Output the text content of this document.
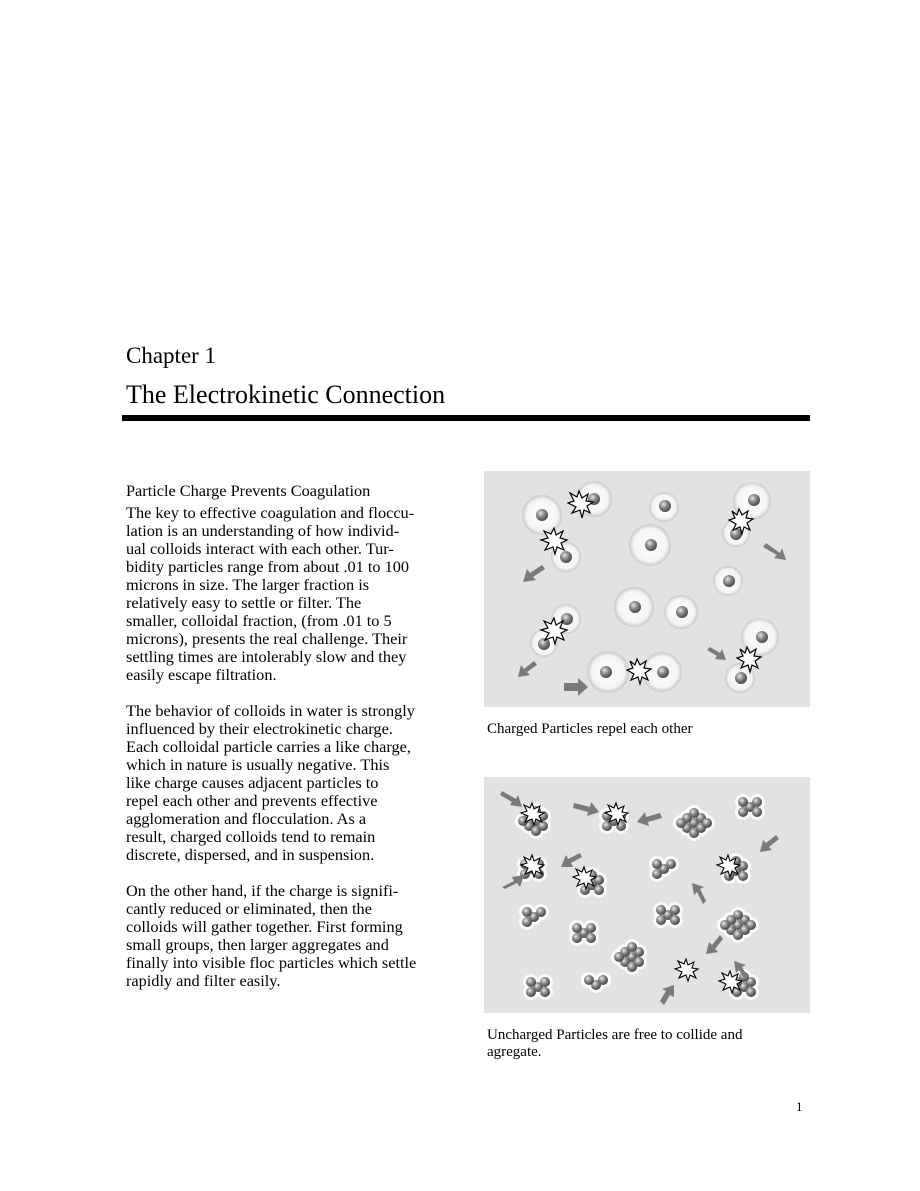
Chapter 1
The Electrokinetic Connection
Particle Charge Prevents Coagulation

The key to effective coagulation and floccu-
lation is an understanding of how individ-
ual colloids interact with each other. Tur-
bidity particles range from about .01 to 100
microns in size. The larger fraction is
relatively easy to settle or filter. The
smaller, colloidal fraction, (from .01 to 5
microns), presents the real challenge. Their
settling times are intolerably slow and they
easily escape filtration.

The behavior of colloids in water is strongly
influenced by their electrokinetic charge.
Each colloidal particle carries a like charge,
which in nature is usually negative. This
like charge causes adjacent particles to
repel each other and prevents effective
agglomeration and flocculation. As a
result, charged colloids tend to remain
discrete, dispersed, and in suspension.

On the other hand, if the charge is signifi-
cantly reduced or eliminated, then the
colloids will gather together. First forming
small groups, then larger aggregates and
finally into visible floc particles which settle
rapidly and filter easily.

Charged Particles repel each other
Uncharged Particles are free to collide and
agregate.
1
